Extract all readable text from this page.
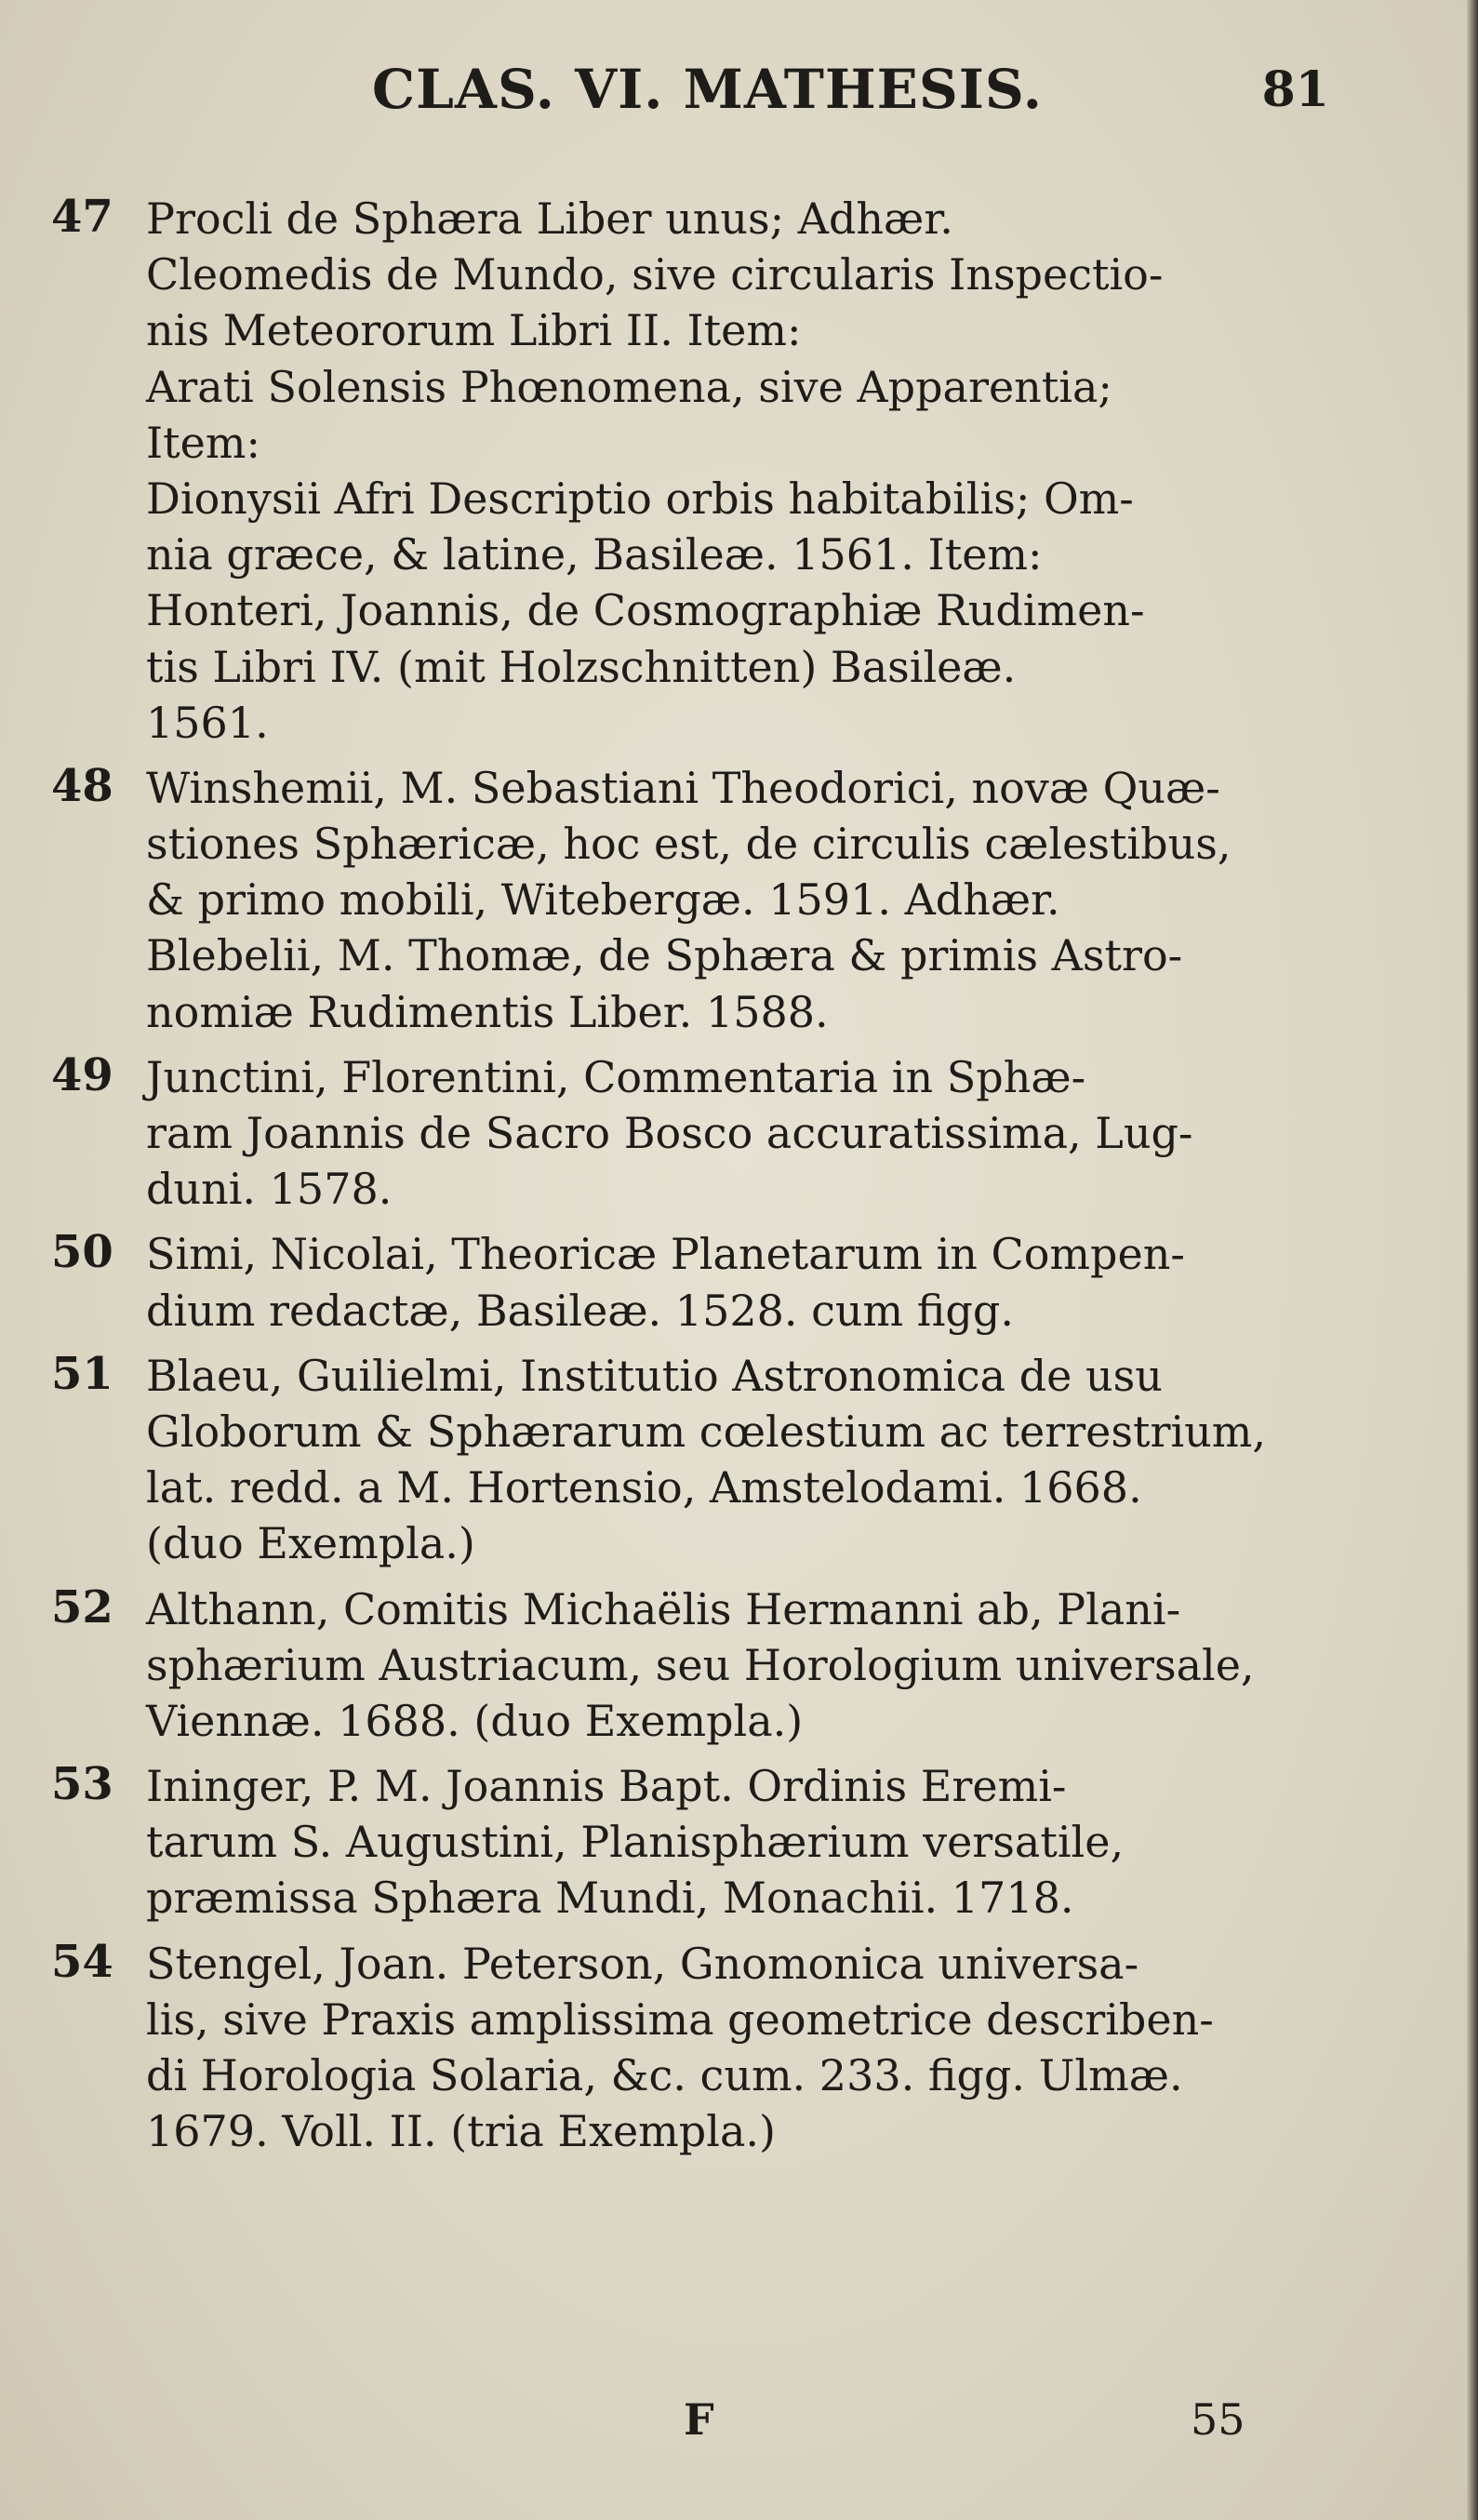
CLAS. VI. MATHESIS.	81
47 Procli de Sphæra Liber unus; Adhær.
Cleomedis de Mundo, sive circularis Inspectio-
nis Meteororum Libri II. Item:
Arati Solensis Phœnomena, sive Apparentia;
Item:
Dionysii Afri Descriptio orbis habitabilis; Om-
nia græce, & latine, Basileæ. 1561. Item:
Honteri, Joannis, de Cosmographiæ Rudimen-
tis Libri IV. (mit Holzschnitten) Basileæ.
1561.
48 Winshemii, M. Sebastiani Theodorici, novæ Quæ-
stiones Sphæricæ, hoc est, de circulis cælestibus,
& primo mobili, Witebergæ. 1591. Adhær.
Blebelii, M. Thomæ, de Sphæra & primis Astro-
nomiæ Rudimentis Liber. 1588.
49 Junctini, Florentini, Commentaria in Sphæ-
ram Joannis de Sacro Bosco accuratissima, Lug-
duni. 1578.
50 Simi, Nicolai, Theoricæ Planetarum in Compen-
dium redactæ, Basileæ. 1528. cum figg.
51 Blaeu, Guilielmi, Institutio Astronomica de usu
Globorum & Sphærarum cœlestium ac terrestrium,
lat. redd. a M. Hortensio, Amstelodami. 1668.
(duo Exempla.)
52 Althann, Comitis Michaëlis Hermanni ab, Plani-
sphærium Austriacum, seu Horologium universale,
Viennæ. 1688. (duo Exempla.)
53 Ininger, P. M. Joannis Bapt. Ordinis Eremi-
tarum S. Augustini, Planisphærium versatile,
præmissa Sphæra Mundi, Monachii. 1718.
54 Stengel, Joan. Peterson, Gnomonica universa-
lis, sive Praxis amplissima geometrice describen-
di Horologia Solaria, &c. cum. 233. figg. Ulmæ.
1679. Voll. II. (tria Exempla.)
F	55
